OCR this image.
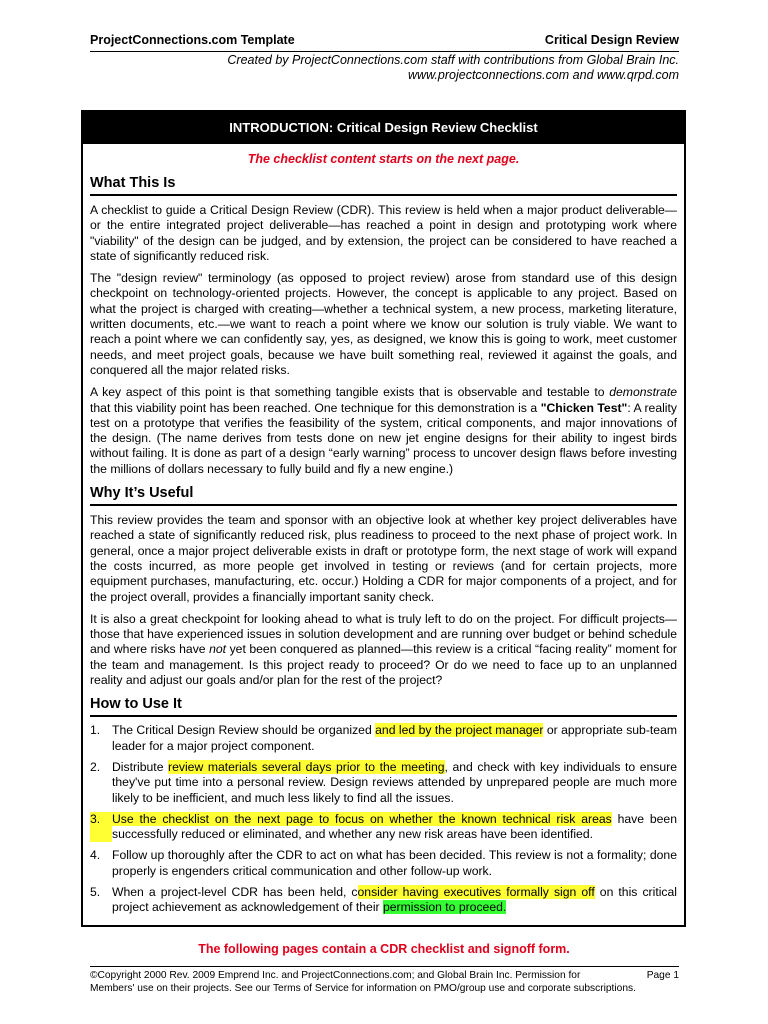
ProjectConnections.com Template	Critical Design Review
Created by ProjectConnections.com staff with contributions from Global Brain Inc.
www.projectconnections.com and www.qrpd.com
INTRODUCTION: Critical Design Review Checklist
The checklist content starts on the next page.
What This Is

A checklist to guide a Critical Design Review (CDR). This review is held when a major product deliverable—or the entire integrated project deliverable—has reached a point in design and prototyping work where "viability" of the design can be judged, and by extension, the project can be considered to have reached a state of significantly reduced risk.

The "design review" terminology (as opposed to project review) arose from standard use of this design checkpoint on technology-oriented projects. However, the concept is applicable to any project. Based on what the project is charged with creating—whether a technical system, a new process, marketing literature, written documents, etc.—we want to reach a point where we know our solution is truly viable. We want to reach a point where we can confidently say, yes, as designed, we know this is going to work, meet customer needs, and meet project goals, because we have built something real, reviewed it against the goals, and conquered all the major related risks.

A key aspect of this point is that something tangible exists that is observable and testable to demonstrate that this viability point has been reached. One technique for this demonstration is a "Chicken Test": A reality test on a prototype that verifies the feasibility of the system, critical components, and major innovations of the design. (The name derives from tests done on new jet engine designs for their ability to ingest birds without failing. It is done as part of a design “early warning” process to uncover design flaws before investing the millions of dollars necessary to fully build and fly a new engine.)

Why It’s Useful

This review provides the team and sponsor with an objective look at whether key project deliverables have reached a state of significantly reduced risk, plus readiness to proceed to the next phase of project work. In general, once a major project deliverable exists in draft or prototype form, the next stage of work will expand the costs incurred, as more people get involved in testing or reviews (and for certain projects, more equipment purchases, manufacturing, etc. occur.) Holding a CDR for major components of a project, and for the project overall, provides a financially important sanity check.

It is also a great checkpoint for looking ahead to what is truly left to do on the project. For difficult projects—those that have experienced issues in solution development and are running over budget or behind schedule and where risks have not yet been conquered as planned—this review is a critical “facing reality” moment for the team and management. Is this project ready to proceed? Or do we need to face up to an unplanned reality and adjust our goals and/or plan for the rest of the project?

How to Use It
1. The Critical Design Review should be organized and led by the project manager or appropriate sub-team leader for a major project component.
2. Distribute review materials several days prior to the meeting, and check with key individuals to ensure they've put time into a personal review. Design reviews attended by unprepared people are much more likely to be inefficient, and much less likely to find all the issues.
3. Use the checklist on the next page to focus on whether the known technical risk areas have been successfully reduced or eliminated, and whether any new risk areas have been identified.
4. Follow up thoroughly after the CDR to act on what has been decided. This review is not a formality; done properly is engenders critical communication and other follow-up work.
5. When a project-level CDR has been held, consider having executives formally sign off on this critical project achievement as acknowledgement of their permission to proceed.
The following pages contain a CDR checklist and signoff form.
©Copyright 2000 Rev. 2009 Emprend Inc. and ProjectConnections.com; and Global Brain Inc. Permission for
Members' use on their projects. See our Terms of Service for information on PMO/group use and corporate subscriptions.
Page 1
